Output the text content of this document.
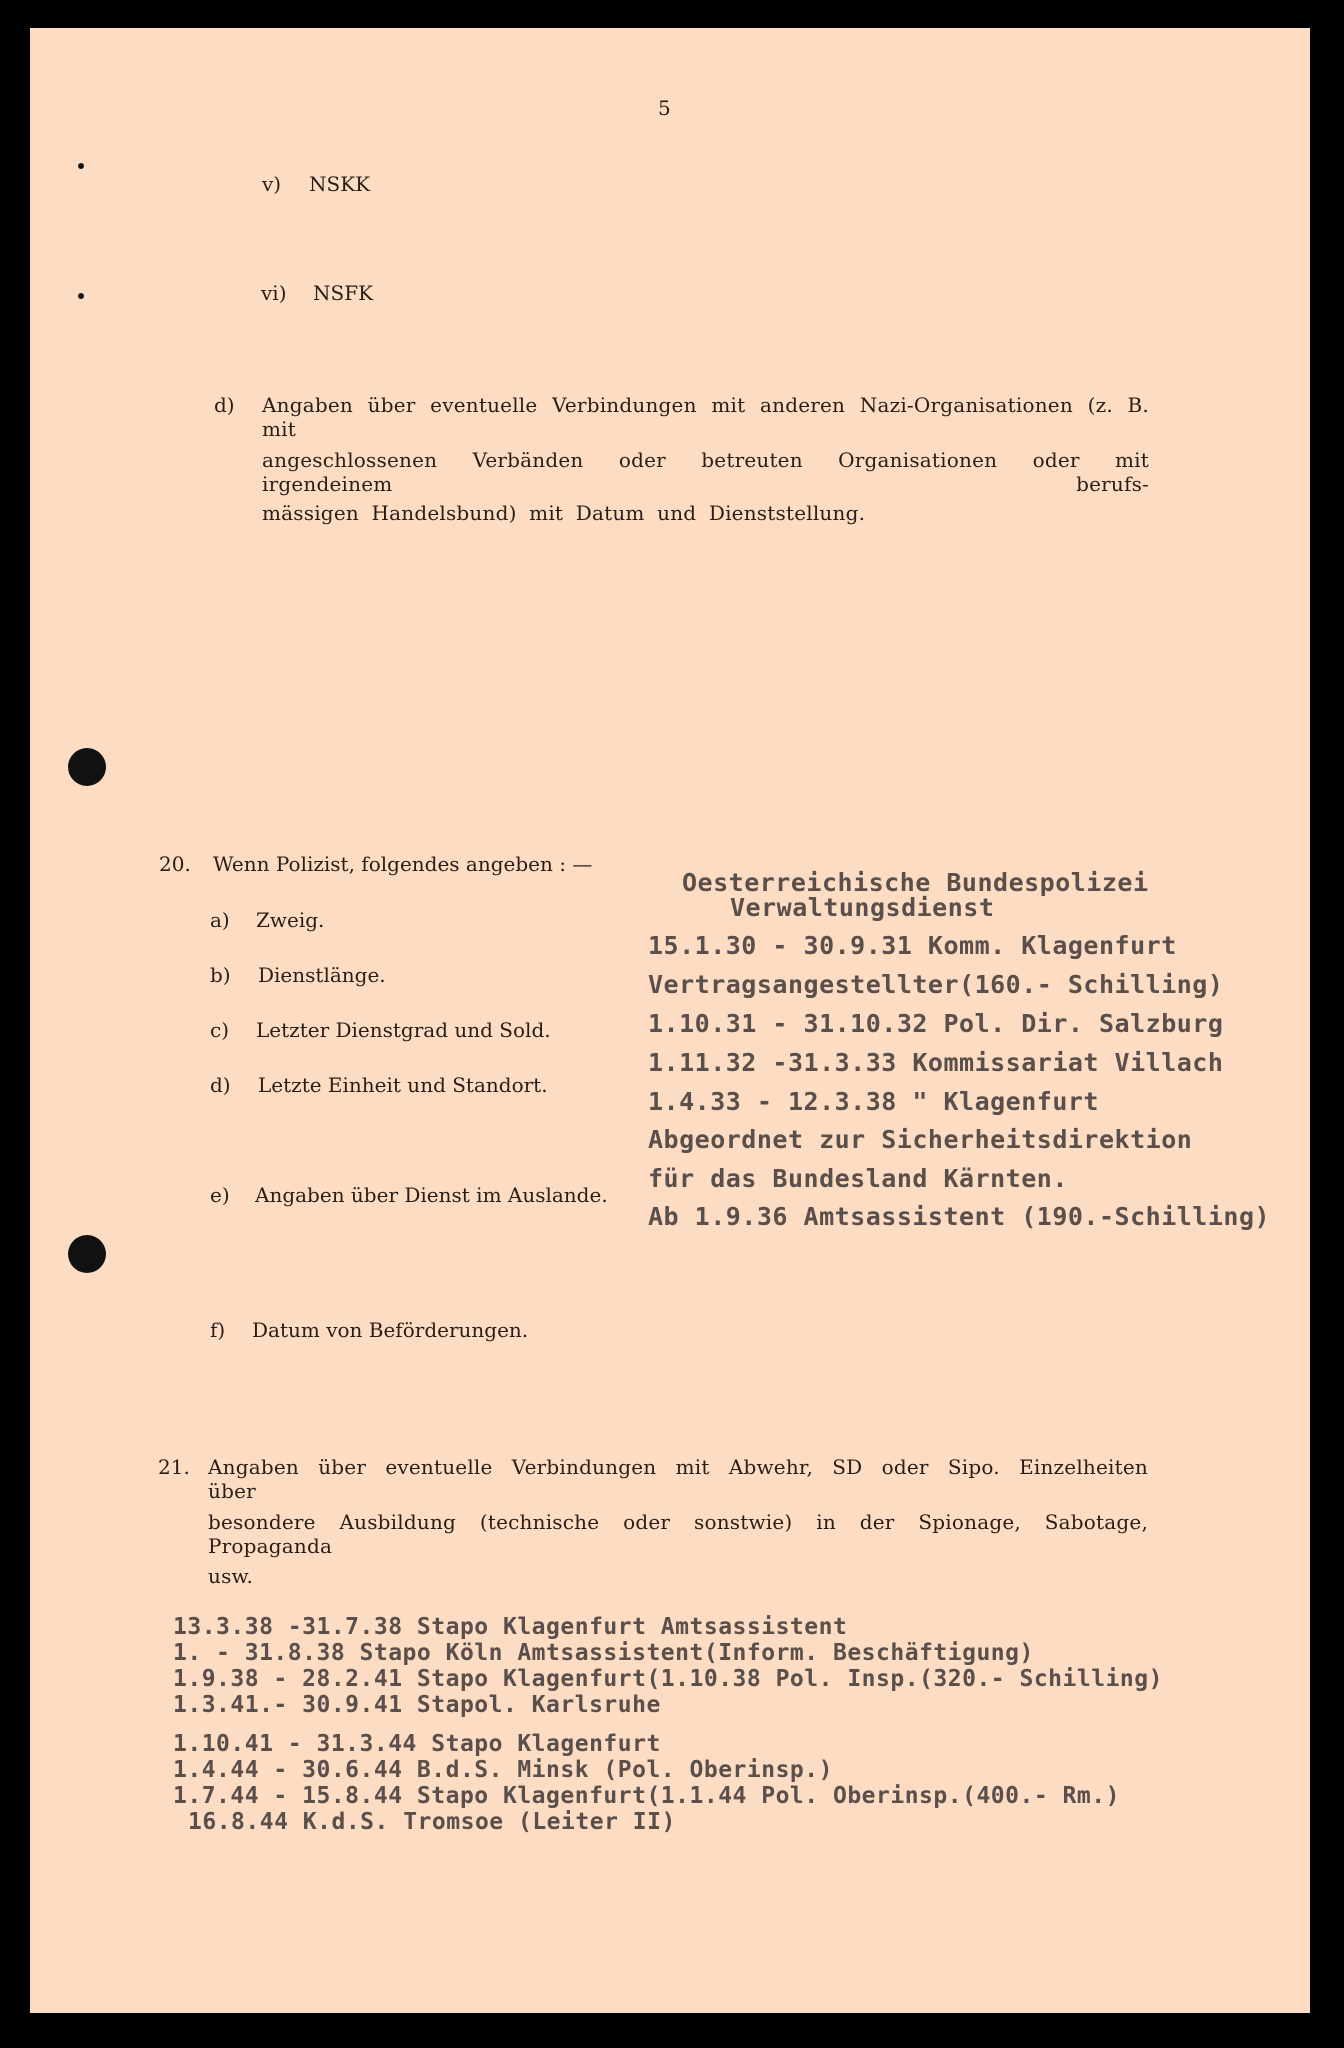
5
v) NSKK
vi) NSFK
d) Angaben über eventuelle Verbindungen mit anderen Nazi-Organisationen (z. B. mit
angeschlossenen Verbänden oder betreuten Organisationen oder mit irgendeinem berufs-
mässigen Handelsbund) mit Datum und Dienststellung.
20. Wenn Polizist, folgendes angeben : —
a) Zweig.
b) Dienstlänge.
c) Letzter Dienstgrad und Sold.
d) Letzte Einheit und Standort.
e) Angaben über Dienst im Auslande.
f) Datum von Beförderungen.
Oesterreichische Bundespolizei
Verwaltungsdienst
15.1.30 - 30.9.31 Komm. Klagenfurt
Vertragsangestellter(160.- Schilling)
1.10.31 - 31.10.32 Pol. Dir. Salzburg
1.11.32 -31.3.33 Kommissariat Villach
1.4.33 - 12.3.38 " Klagenfurt
Abgeordnet zur Sicherheitsdirektion
für das Bundesland Kärnten.
Ab 1.9.36 Amtsassistent (190.-Schilling)
21. Angaben über eventuelle Verbindungen mit Abwehr, SD oder Sipo. Einzelheiten über
besondere Ausbildung (technische oder sonstwie) in der Spionage, Sabotage, Propaganda
usw.
13.3.38 -31.7.38 Stapo Klagenfurt Amtsassistent
1. - 31.8.38 Stapo Köln Amtsassistent(Inform. Beschäftigung)
1.9.38 - 28.2.41 Stapo Klagenfurt(1.10.38 Pol. Insp.(320.- Schilling)
1.3.41.- 30.9.41 Stapol. Karlsruhe
1.10.41 - 31.3.44 Stapo Klagenfurt
1.4.44 - 30.6.44 B.d.S. Minsk (Pol. Oberinsp.)
1.7.44 - 15.8.44 Stapo Klagenfurt(1.1.44 Pol. Oberinsp.(400.- Rm.)
16.8.44 K.d.S. Tromsoe (Leiter II)
